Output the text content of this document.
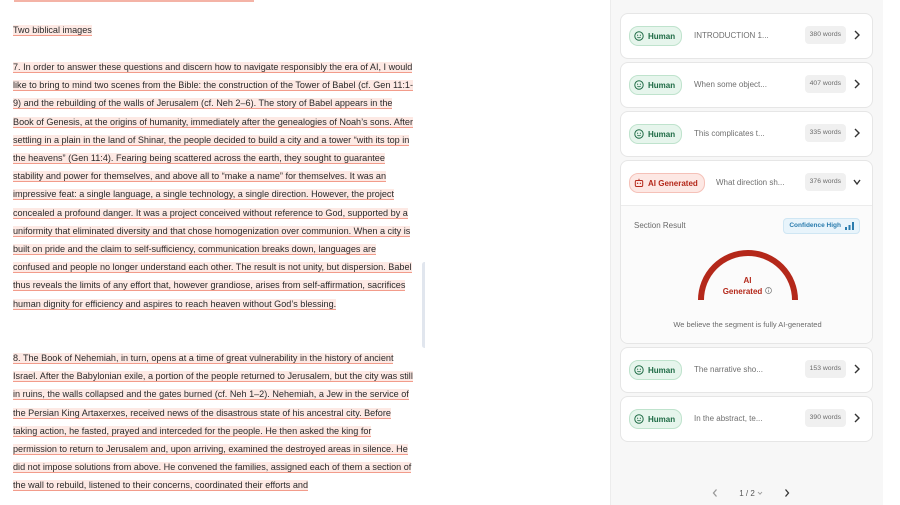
Two biblical images

7. In order to answer these questions and discern how to navigate responsibly the era of AI, I would like to bring to mind two scenes from the Bible: the construction of the Tower of Babel (cf. Gen 11:1-9) and the rebuilding of the walls of Jerusalem (cf. Neh 2–6). The story of Babel appears in the Book of Genesis, at the origins of humanity, immediately after the genealogies of Noah’s sons. After settling in a plain in the land of Shinar, the people decided to build a city and a tower “with its top in the heavens” (Gen 11:4). Fearing being scattered across the earth, they sought to guarantee stability and power for themselves, and above all to “make a name” for themselves. It was an impressive feat: a single language, a single technology, a single direction. However, the project concealed a profound danger. It was a project conceived without reference to God, supported by a uniformity that eliminated diversity and that chose homogenization over communion. When a city is built on pride and the claim to self-sufficiency, communication breaks down, languages are confused and people no longer understand each other. The result is not unity, but dispersion. Babel thus reveals the limits of any effort that, however grandiose, arises from self-affirmation, sacrifices human dignity for efficiency and aspires to reach heaven without God’s blessing.

8. The Book of Nehemiah, in turn, opens at a time of great vulnerability in the history of ancient Israel. After the Babylonian exile, a portion of the people returned to Jerusalem, but the city was still in ruins, the walls collapsed and the gates burned (cf. Neh 1–2). Nehemiah, a Jew in the service of the Persian King Artaxerxes, received news of the disastrous state of his ancestral city. Before taking action, he fasted, prayed and interceded for the people. He then asked the king for permission to return to Jerusalem and, upon arriving, examined the destroyed areas in silence. He did not impose solutions from above. He convened the families, assigned each of them a section of the wall to rebuild, listened to their concerns, coordinated their efforts and

Human INTRODUCTION 1...	380 words
Human When some object...	407 words
Human This complicates t...	335 words
AI Generated What direction sh...	376 words
Section Result	Confidence High
AI
Generated
We believe the segment is fully AI-generated
Human The narrative sho...	153 words
Human In the abstract, te...	390 words
1 / 2
